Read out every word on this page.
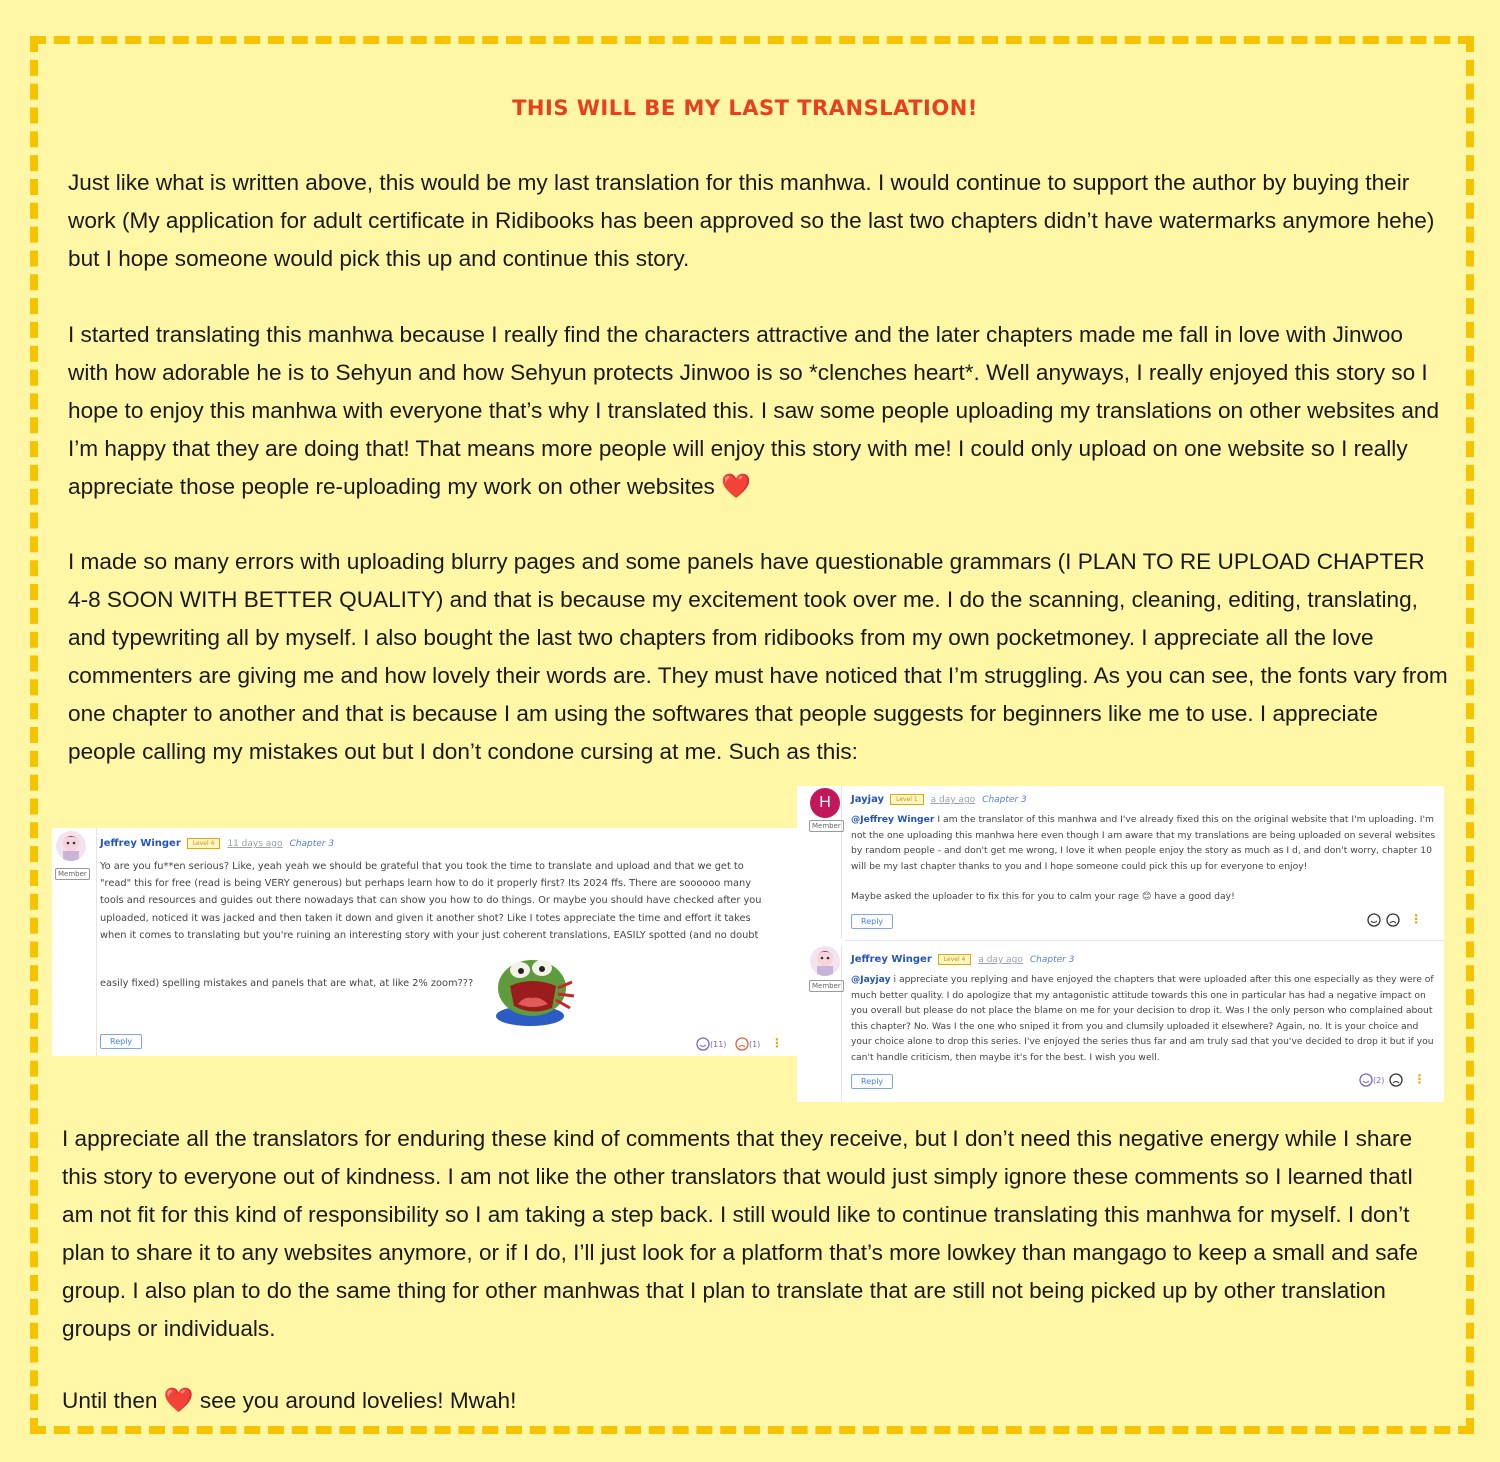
THIS WILL BE MY LAST TRANSLATION!

Just like what is written above, this would be my last translation for this manhwa. I would continue to support the author by buying their work (My application for adult certificate in Ridibooks has been approved so the last two chapters didn’t have watermarks anymore hehe) but I hope someone would pick this up and continue this story.

I started translating this manhwa because I really find the characters attractive and the later chapters made me fall in love with Jinwoo with how adorable he is to Sehyun and how Sehyun protects Jinwoo is so *clenches heart*. Well anyways, I really enjoyed this story so I hope to enjoy this manhwa with everyone that’s why I translated this. I saw some people uploading my translations on other websites and I’m happy that they are doing that! That means more people will enjoy this story with me! I could only upload on one website so I really appreciate those people re-uploading my work on other websites ❤️

I made so many errors with uploading blurry pages and some panels have questionable grammars (I PLAN TO RE UPLOAD CHAPTER 4-8 SOON WITH BETTER QUALITY) and that is because my excitement took over me. I do the scanning, cleaning, editing, translating, and typewriting all by myself. I also bought the last two chapters from ridibooks from my own pocketmoney. I appreciate all the love commenters are giving me and how lovely their words are. They must have noticed that I’m struggling. As you can see, the fonts vary from one chapter to another and that is because I am using the softwares that people suggests for beginners like me to use. I appreciate people calling my mistakes out but I don’t condone cursing at me. Such as this:

Member
Jeffrey Winger Level 4 11 days ago Chapter 3
Yo are you fu**en serious? Like, yeah yeah we should be grateful that you took the time to translate and upload and that we get to
"read" this for free (read is being VERY generous) but perhaps learn how to do it properly first? Its 2024 ffs. There are soooooo many
tools and resources and guides out there nowadays that can show you how to do things. Or maybe you should have checked after you
uploaded, noticed it was jacked and then taken it down and given it another shot? Like I totes appreciate the time and effort it takes
when it comes to translating but you're ruining an interesting story with your just coherent translations, EASILY spotted (and no doubt
easily fixed) spelling mistakes and panels that are what, at like 2% zoom???
Reply	(11)	(1) ⋮
H
Member
Jayjay Level 1 a day ago Chapter 3
@Jeffrey Winger I am the translator of this manhwa and I've already fixed this on the original website that I'm uploading. I'm
not the one uploading this manhwa here even though I am aware that my translations are being uploaded on several websites
by random people - and don't get me wrong, I love it when people enjoy the story as much as I d, and don't worry, chapter 10
will be my last chapter thanks to you and I hope someone could pick this up for everyone to enjoy!
Maybe asked the uploader to fix this for you to calm your rage 😊 have a good day!
Reply	⋮
Member
Jeffrey Winger Level 4 a day ago Chapter 3
@Jayjay i appreciate you replying and have enjoyed the chapters that were uploaded after this one especially as they were of
much better quality. I do apologize that my antagonistic attitude towards this one in particular has had a negative impact on
you overall but please do not place the blame on me for your decision to drop it. Was I the only person who complained about
this chapter? No. Was I the one who sniped it from you and clumsily uploaded it elsewhere? Again, no. It is your choice and
your choice alone to drop this series. I've enjoyed the series thus far and am truly sad that you've decided to drop it but if you
can't handle criticism, then maybe it's for the best. I wish you well.
Reply	(2) ⋮

I appreciate all the translators for enduring these kind of comments that they receive, but I don’t need this negative energy while I share this story to everyone out of kindness. I am not like the other translators that would just simply ignore these comments so I learned thatI am not fit for this kind of responsibility so I am taking a step back. I still would like to continue translating this manhwa for myself. I don’t plan to share it to any websites anymore, or if I do, I’ll just look for a platform that’s more lowkey than mangago to keep a small and safe group. I also plan to do the same thing for other manhwas that I plan to translate that are still not being picked up by other translation groups or individuals.

Until then ❤️ see you around lovelies! Mwah!
